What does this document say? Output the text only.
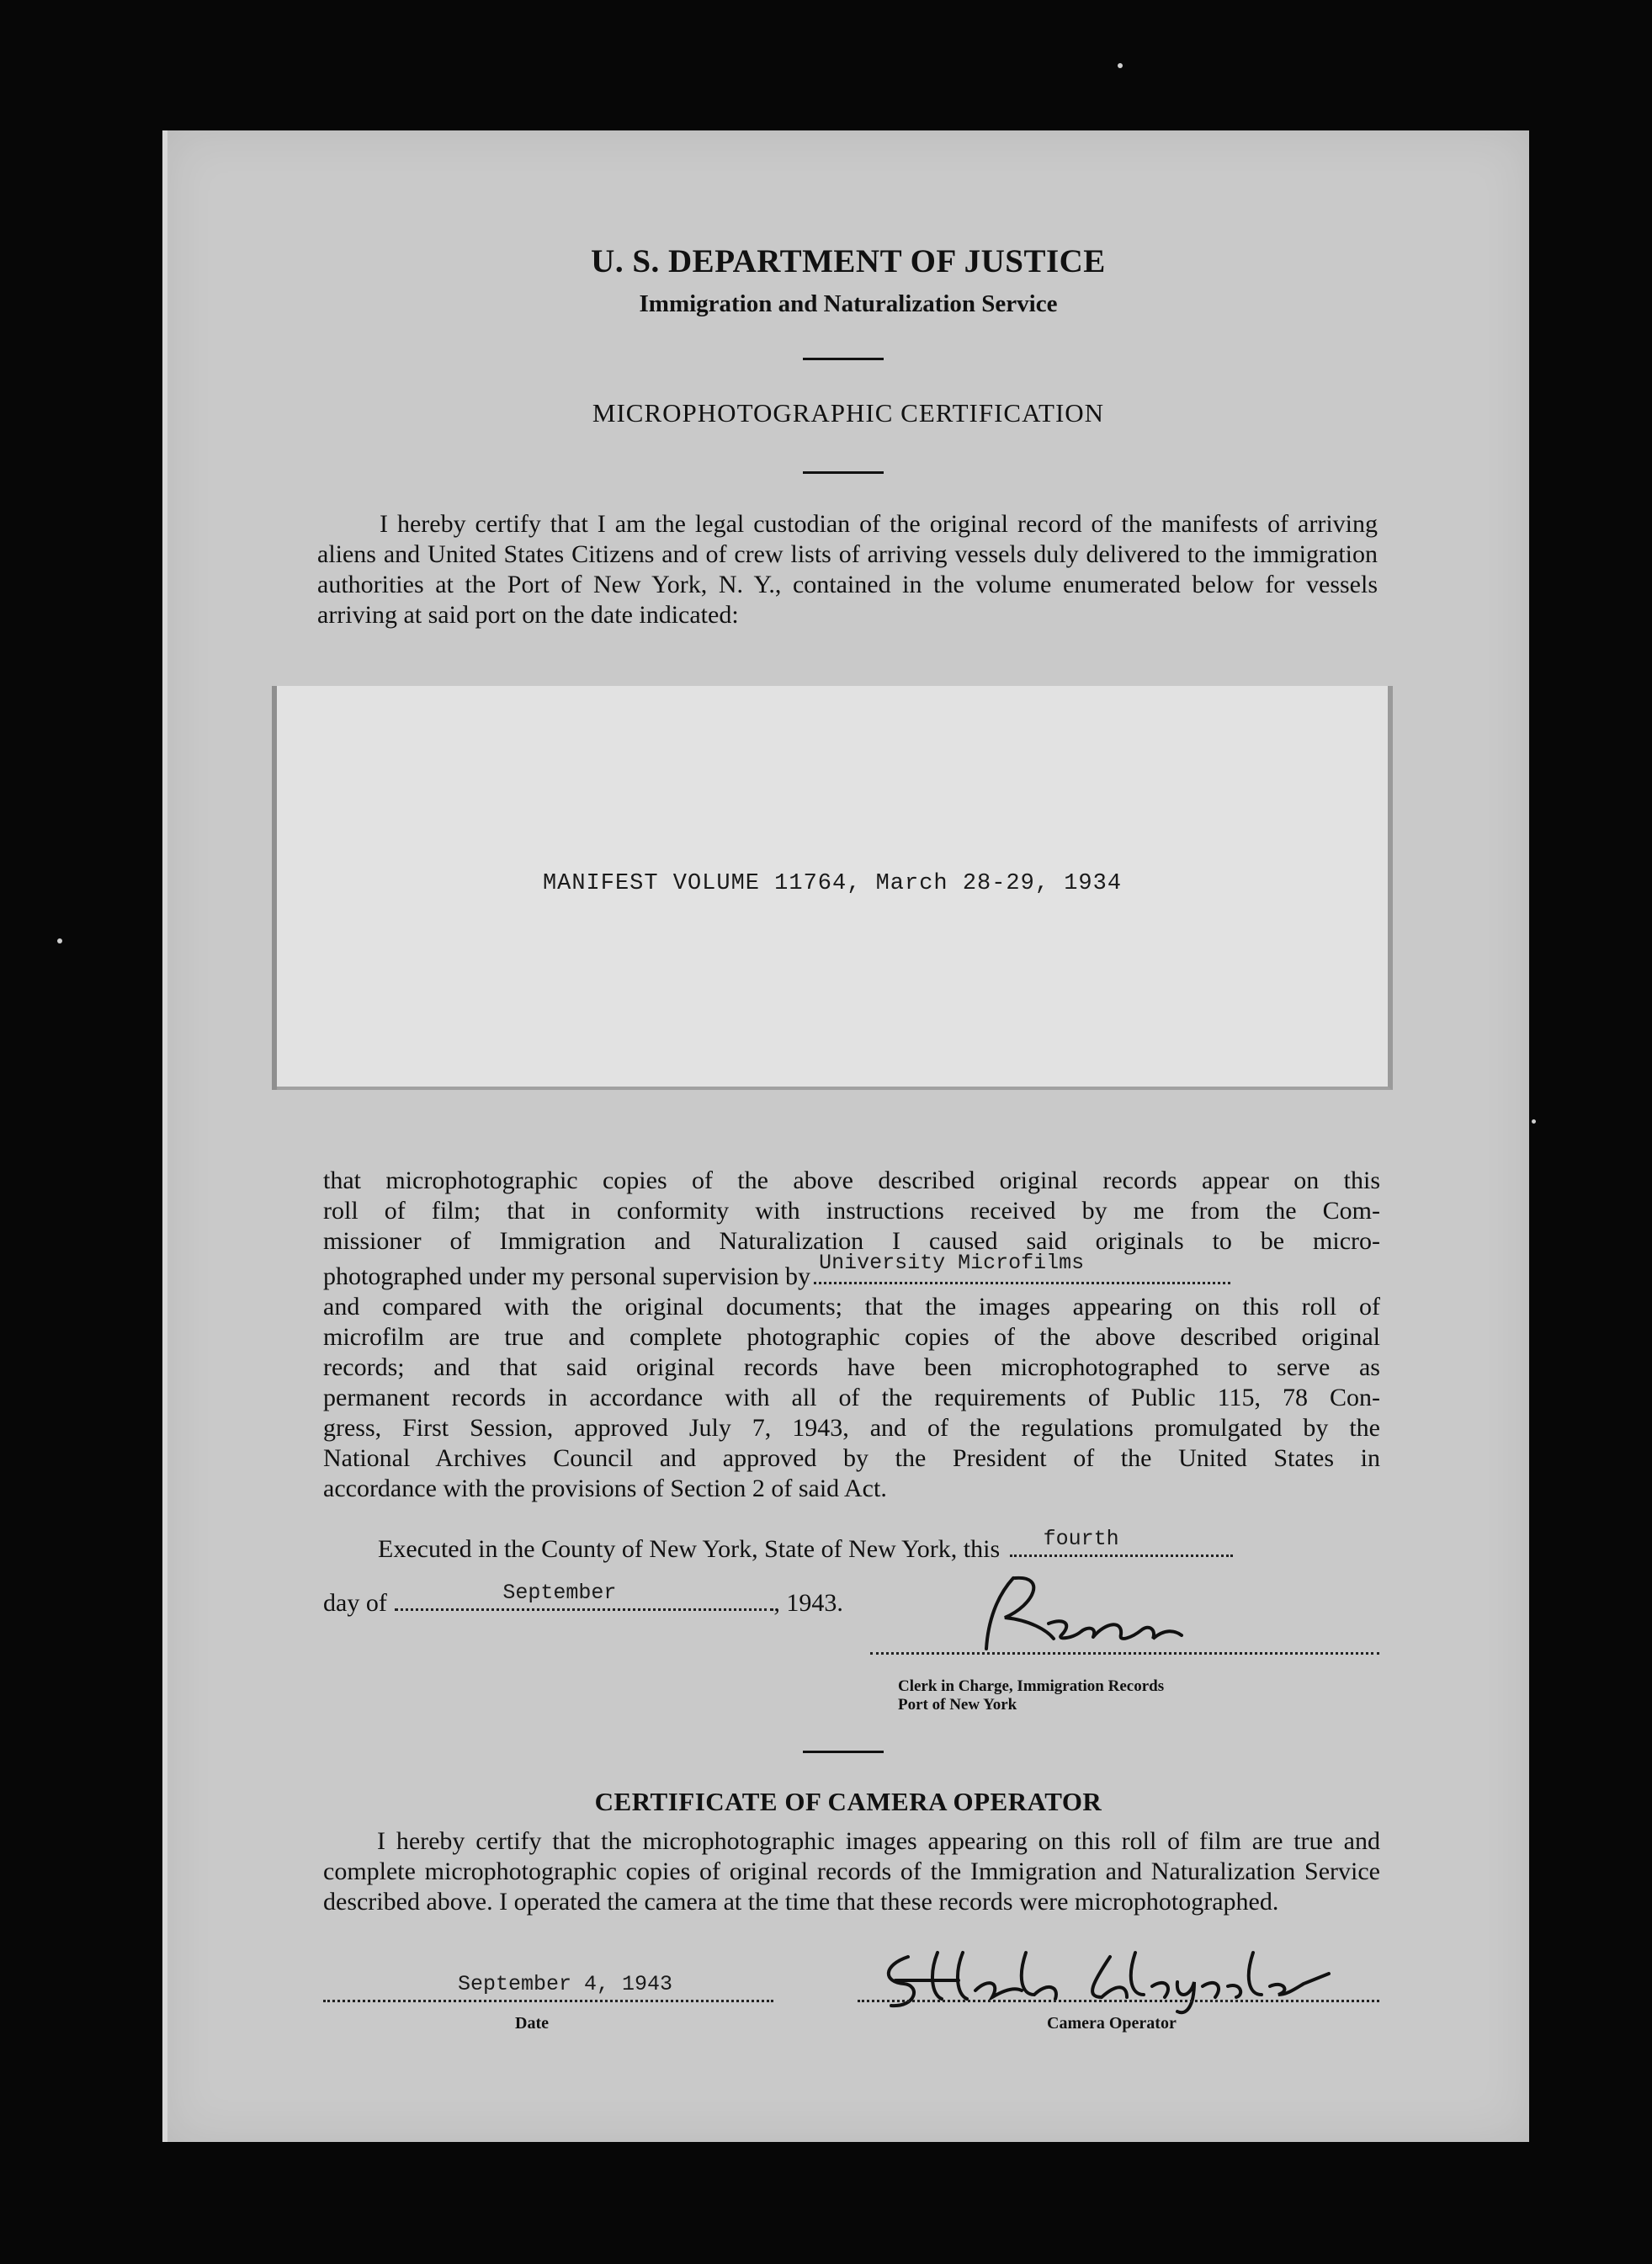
U. S. DEPARTMENT OF JUSTICE
Immigration and Naturalization Service
MICROPHOTOGRAPHIC CERTIFICATION
I hereby certify that I am the legal custodian of the original record of the manifests of arriving aliens and United States Citizens and of crew lists of arriving vessels duly delivered to the immigration authorities at the Port of New York, N. Y., contained in the volume enumerated below for vessels arriving at said port on the date indicated:
MANIFEST VOLUME 11764, March 28-29, 1934
that microphotographic copies of the above described original records appear on this
roll of film; that in conformity with instructions received by me from the Com-
missioner of Immigration and Naturalization I caused said originals to be micro-
photographed under my personal supervision by University Microfilms
and compared with the original documents; that the images appearing on this roll of
microfilm are true and complete photographic copies of the above described original
records; and that said original records have been microphotographed to serve as
permanent records in accordance with all of the requirements of Public 115, 78 Con-
gress, First Session, approved July 7, 1943, and of the regulations promulgated by the
National Archives Council and approved by the President of the United States in
accordance with the provisions of Section 2 of said Act.
Executed in the County of New York, State of New York, this fourth
day of	September	, 1943.
Clerk in Charge, Immigration Records
Port of New York
CERTIFICATE OF CAMERA OPERATOR
I hereby certify that the microphotographic images appearing on this roll of film are true and complete microphotographic copies of original records of the Immigration and Naturalization Service described above. I operated the camera at the time that these records were microphotographed.
September 4, 1943
Date	Camera Operator
